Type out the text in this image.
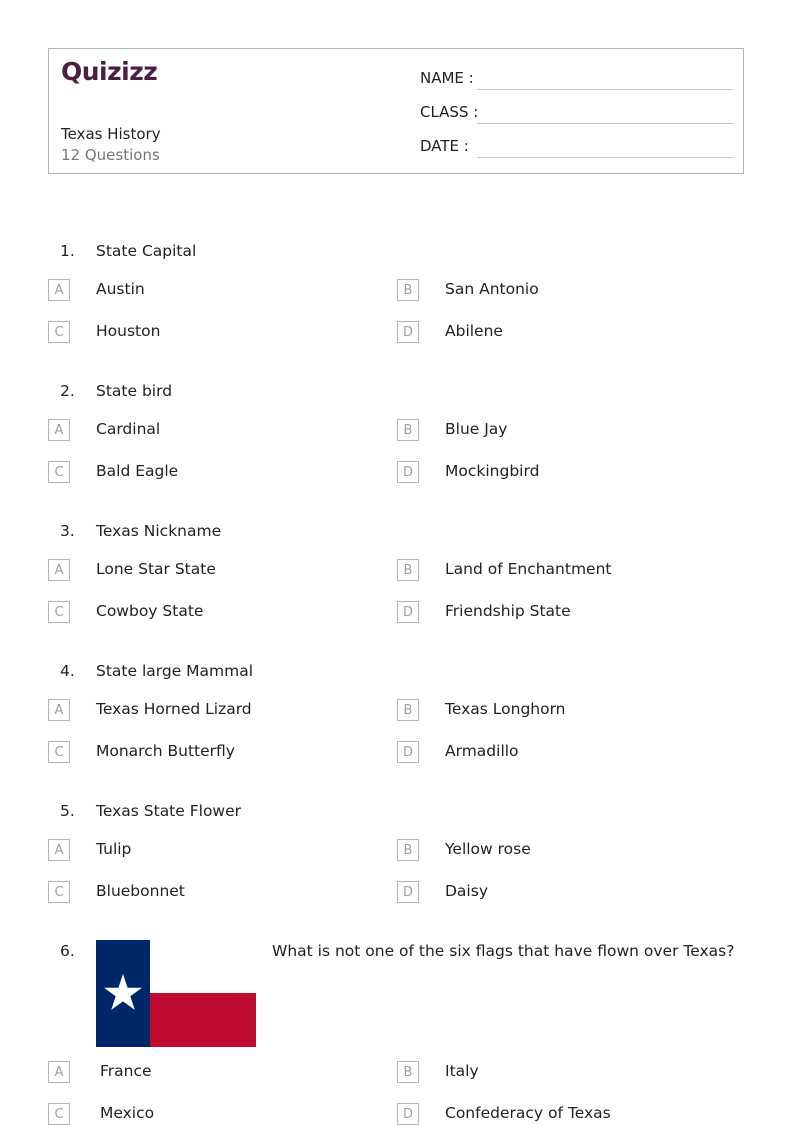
Quizizz
Texas History
12 Questions
NAME :
CLASS :
DATE :
1. State Capital
A	Austin	B	San Antonio
C	Houston	D	Abilene
2. State bird
A	Cardinal	B	Blue Jay
C	Bald Eagle	D	Mockingbird
3. Texas Nickname
A	Lone Star State	B	Land of Enchantment
C	Cowboy State	D	Friendship State
4. State large Mammal
A	Texas Horned Lizard	B	Texas Longhorn
C	Monarch Butterfly	D	Armadillo
5. Texas State Flower
A	Tulip	B	Yellow rose
C	Bluebonnet	D	Daisy
6.	What is not one of the six flags that have flown over Texas?
A	France	B	Italy
C	Mexico	D	Confederacy of Texas
